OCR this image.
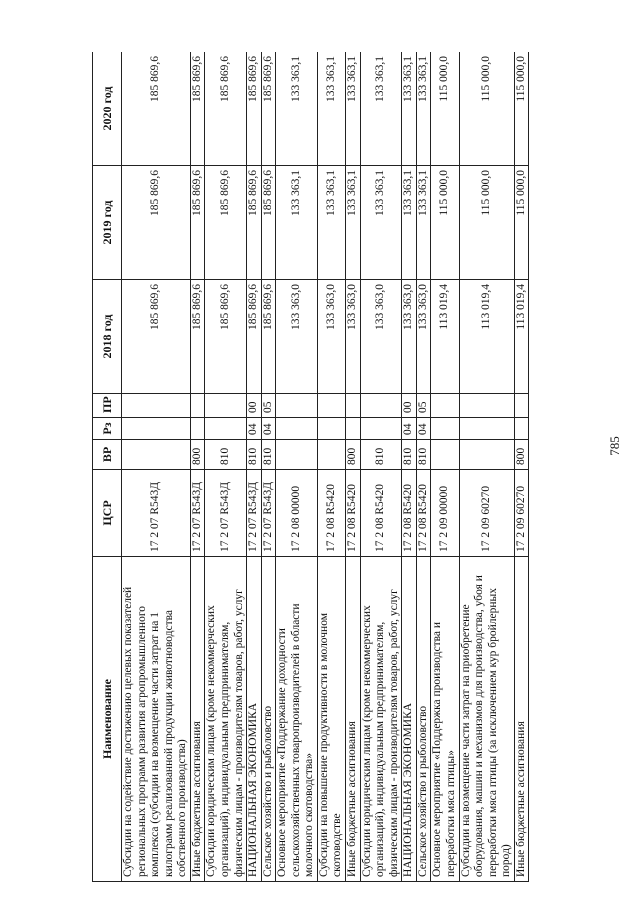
785
Наименование	ЦСР	ВР	Рз	ПР	2018 год	2019 год	2020 год
Субсидии на содействие достижению целевых показателей региональных программ развития агропромышленного комплекса (субсидии на возмещение части затрат на 1 килограмм реализованной продукции животноводства собственного производства)	17 2 07 R543Д				185 869,6	185 869,6	185 869,6
Иные бюджетные ассигнования	17 2 07 R543Д	800			185 869,6	185 869,6	185 869,6
Субсидии юридическим лицам (кроме некоммерческих организаций), индивидуальным предпринимателям, физическим лицам - производителям товаров, работ, услуг	17 2 07 R543Д	810			185 869,6	185 869,6	185 869,6
НАЦИОНАЛЬНАЯ ЭКОНОМИКА	17 2 07 R543Д	810	04	00	185 869,6	185 869,6	185 869,6
Сельское хозяйство и рыболовство	17 2 07 R543Д	810	04	05	185 869,6	185 869,6	185 869,6
Основное мероприятие «Поддержание доходности сельскохозяйственных товаропроизводителей в области молочного скотоводства»	17 2 08 00000				133 363,0	133 363,1	133 363,1
Субсидии на повышение продуктивности в молочном скотоводстве	17 2 08 R5420				133 363,0	133 363,1	133 363,1
Иные бюджетные ассигнования	17 2 08 R5420	800			133 363,0	133 363,1	133 363,1
Субсидии юридическим лицам (кроме некоммерческих организаций), индивидуальным предпринимателям, физическим лицам - производителям товаров, работ, услуг	17 2 08 R5420	810			133 363,0	133 363,1	133 363,1
НАЦИОНАЛЬНАЯ ЭКОНОМИКА	17 2 08 R5420	810	04	00	133 363,0	133 363,1	133 363,1
Сельское хозяйство и рыболовство	17 2 08 R5420	810	04	05	133 363,0	133 363,1	133 363,1
Основное мероприятие «Поддержка производства и переработки мяса птицы»	17 2 09 00000				113 019,4	115 000,0	115 000,0
Субсидии на возмещение части затрат на приобретение оборудования, машин и механизмов для производства, убоя и переработки мяса птицы (за исключением кур бройлерных пород)	17 2 09 60270				113 019,4	115 000,0	115 000,0
Иные бюджетные ассигнования	17 2 09 60270	800			113 019,4	115 000,0	115 000,0
